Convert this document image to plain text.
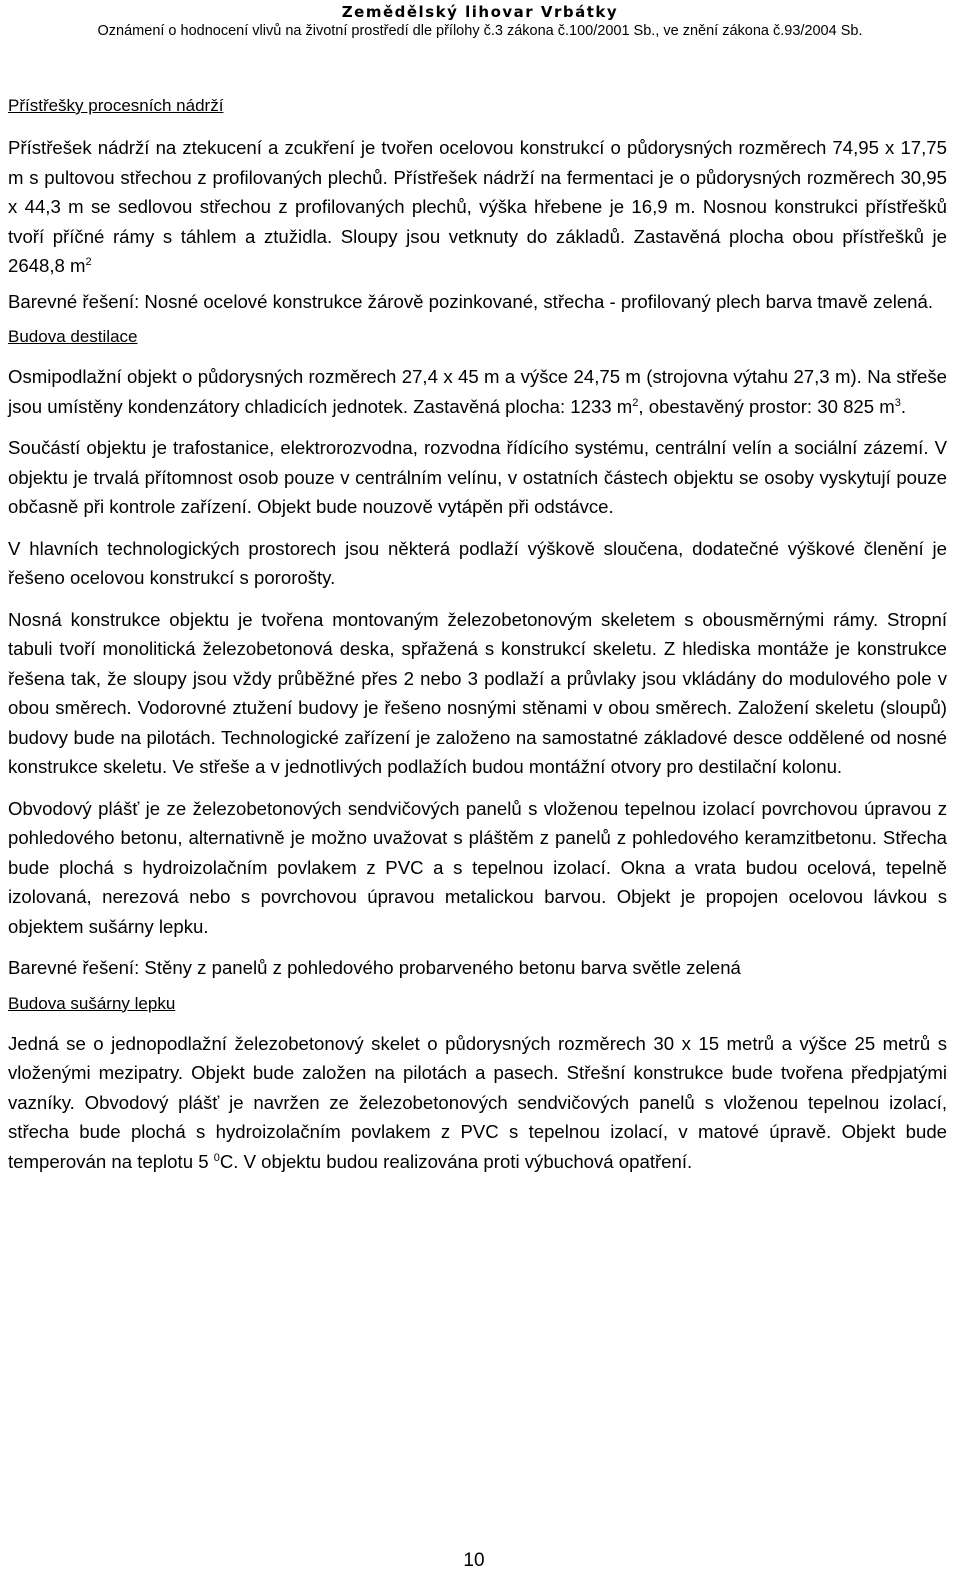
Zemědělský lihovar Vrbátky
Oznámení o hodnocení vlivů na životní prostředí dle přílohy č.3 zákona č.100/2001 Sb., ve znění zákona č.93/2004 Sb.
Přístřešky procesních nádrží

Přístřešek nádrží na ztekucení a zcukření je tvořen ocelovou konstrukcí o půdorysných rozměrech 74,95 x 17,75 m s pultovou střechou z profilovaných plechů. Přístřešek nádrží na fermentaci je o půdorysných rozměrech 30,95 x 44,3 m se sedlovou střechou z profilovaných plechů, výška hřebene je 16,9 m. Nosnou konstrukci přístřešků tvoří příčné rámy s táhlem a ztužidla. Sloupy jsou vetknuty do základů. Zastavěná plocha obou přístřešků je 2648,8 $m^2$

Barevné řešení: Nosné ocelové konstrukce žárově pozinkované, střecha - profilovaný plech barva tmavě zelená.

Budova destilace

Osmipodlažní objekt o půdorysných rozměrech 27,4 x 45 m a výšce 24,75 m (strojovna výtahu 27,3 m). Na střeše jsou umístěny kondenzátory chladicích jednotek. Zastavěná plocha: 1233 $m^2$, obestavěný prostor: 30 825 $m^3$.

Součástí objektu je trafostanice, elektrorozvodna, rozvodna řídícího systému, centrální velín a sociální zázemí. V objektu je trvalá přítomnost osob pouze v centrálním velínu, v ostatních částech objektu se osoby vyskytují pouze občasně při kontrole zařízení. Objekt bude nouzově vytápěn při odstávce.

V hlavních technologických prostorech jsou některá podlaží výškově sloučena, dodatečné výškové členění je řešeno ocelovou konstrukcí s pororošty.

Nosná konstrukce objektu je tvořena montovaným železobetonovým skeletem s obousměrnými rámy. Stropní tabuli tvoří monolitická železobetonová deska, spřažená s konstrukcí skeletu. Z hlediska montáže je konstrukce řešena tak, že sloupy jsou vždy průběžné přes 2 nebo 3 podlaží a průvlaky jsou vkládány do modulového pole v obou směrech. Vodorovné ztužení budovy je řešeno nosnými stěnami v obou směrech. Založení skeletu (sloupů) budovy bude na pilotách. Technologické zařízení je založeno na samostatné základové desce oddělené od nosné konstrukce skeletu. Ve střeše a v jednotlivých podlažích budou montážní otvory pro destilační kolonu.

Obvodový plášť je ze železobetonových sendvičových panelů s vloženou tepelnou izolací povrchovou úpravou z pohledového betonu, alternativně je možno uvažovat s pláštěm z panelů z pohledového keramzitbetonu. Střecha bude plochá s hydroizolačním povlakem z PVC a s tepelnou izolací. Okna a vrata budou ocelová, tepelně izolovaná, nerezová nebo s povrchovou úpravou metalickou barvou. Objekt je propojen ocelovou lávkou s objektem sušárny lepku.

Barevné řešení: Stěny z panelů z pohledového probarveného betonu barva světle zelená

Budova sušárny lepku

Jedná se o jednopodlažní železobetonový skelet o půdorysných rozměrech 30 x 15 metrů a výšce 25 metrů s vloženými mezipatry. Objekt bude založen na pilotách a pasech. Střešní konstrukce bude tvořena předpjatými vazníky. Obvodový plášť je navržen ze železobetonových sendvičových panelů s vloženou tepelnou izolací, střecha bude plochá s hydroizolačním povlakem z PVC s tepelnou izolací, v matové úpravě. Objekt bude temperován na teplotu 5 $^0$C. V objektu budou realizována proti výbuchová opatření.

10
